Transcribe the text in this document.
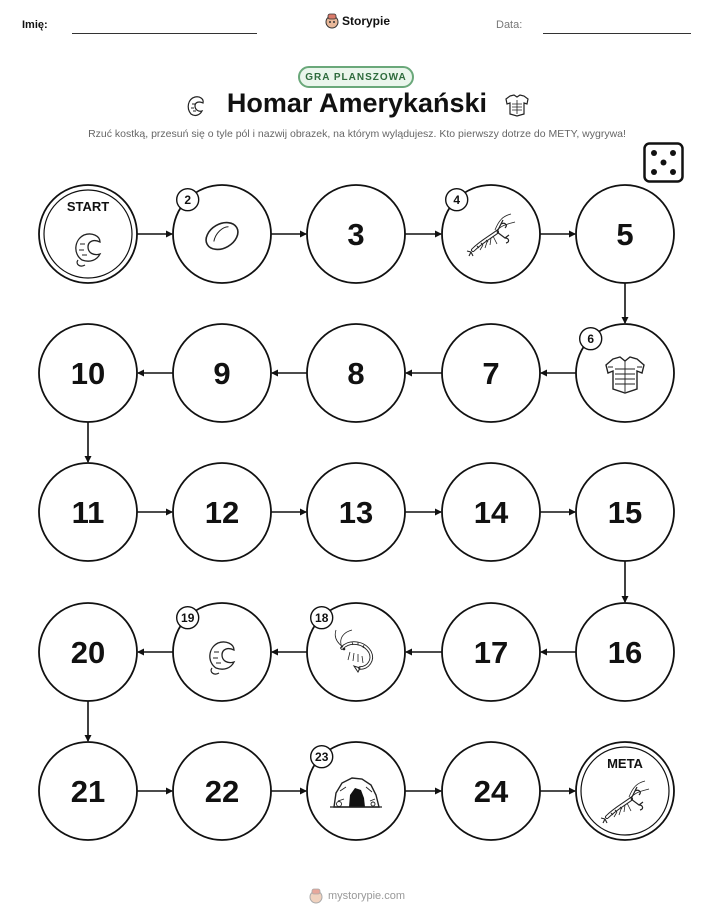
Imię:	Storypie	Data:
GRA PLANSZOWA
Homar Amerykański
Rzuć kostką, przesuń się o tyle pól i nazwij obrazek, na którym wylądujesz. Kto pierwszy dotrze do METY, wygrywa!
START	2
3
4
5
6
7
8
9
10
11	12	13	14	15
16
17
18
19
20
21	22
23
24
META
mystorypie.com
